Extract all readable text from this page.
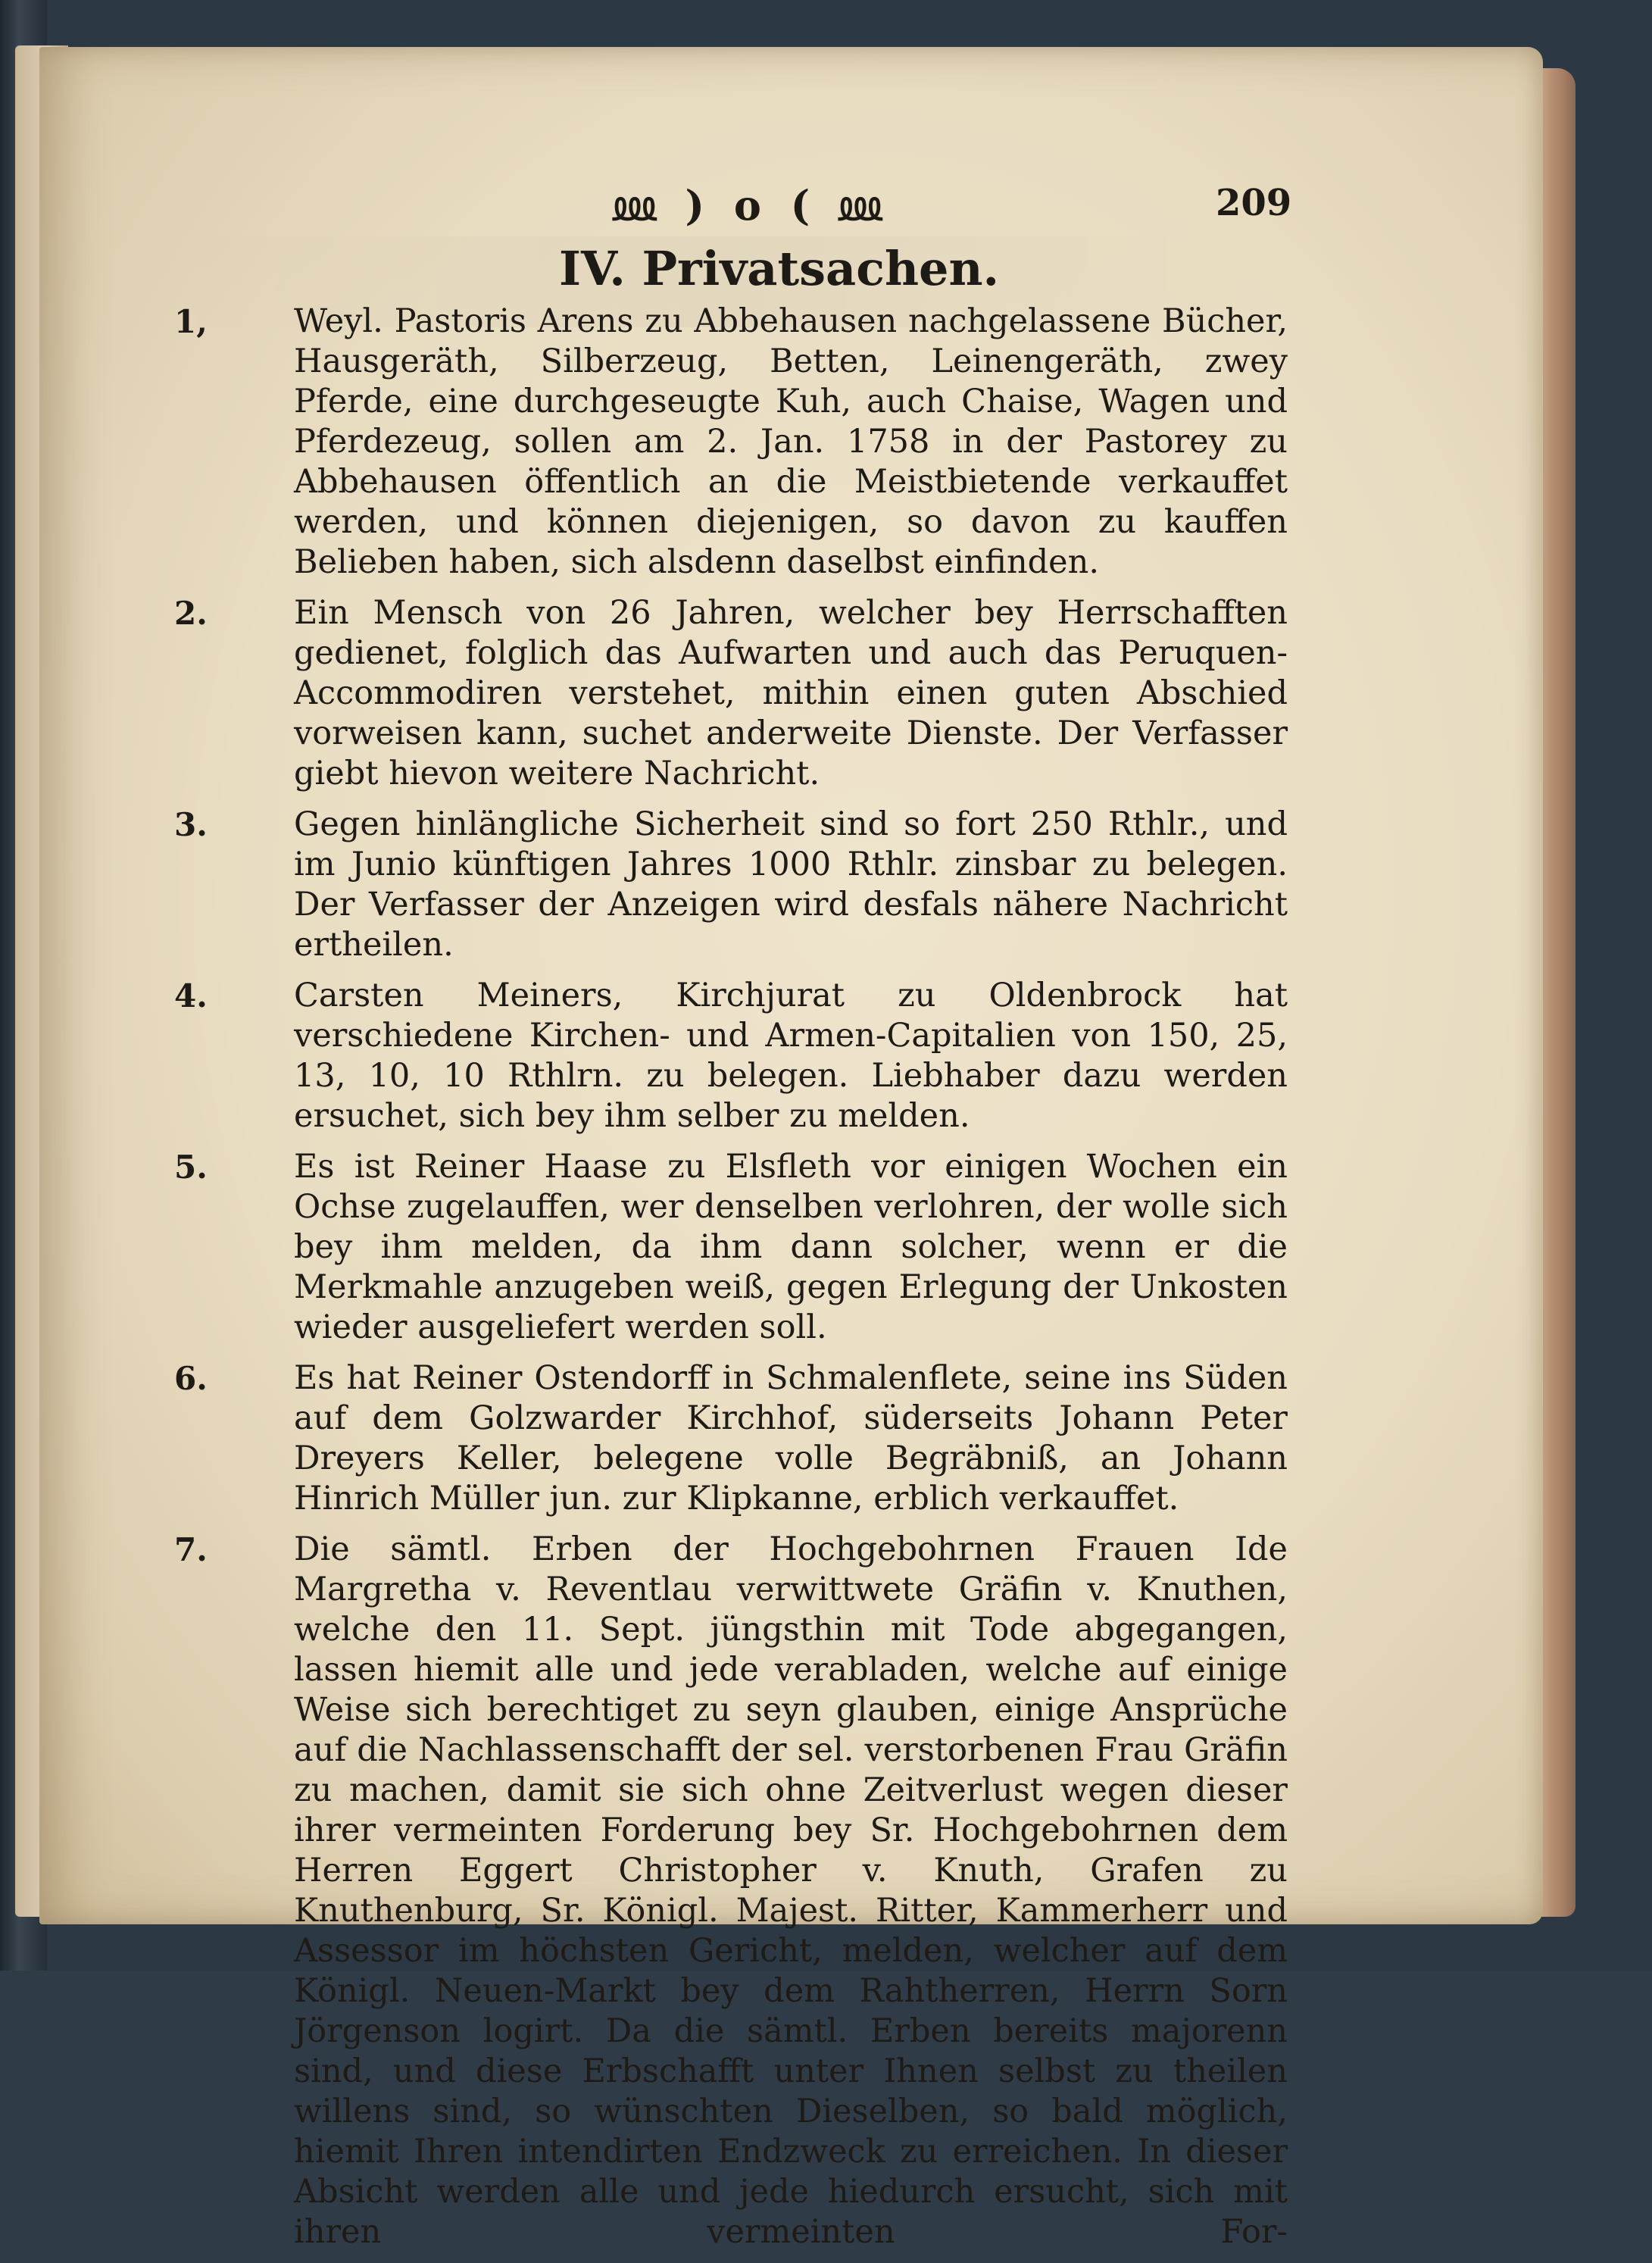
⅏ ) o ( ⅏	209
IV. Privatsachen.
1,	Weyl. Pastoris Arens zu Abbehausen nachgelassene Bücher, Hausgeräth, Silberzeug, Betten, Leinengeräth, zwey Pferde, eine durchgeseugte Kuh, auch Chaise, Wagen und Pferdezeug, sollen am 2. Jan. 1758 in der Pastorey zu Abbehausen öffentlich an die Meistbietende verkauffet werden, und können diejenigen, so davon zu kauffen Belieben haben, sich alsdenn daselbst einfinden.
2.	Ein Mensch von 26 Jahren, welcher bey Herrschafften gedienet, folglich das Aufwarten und auch das Peruquen-Accommodiren verstehet, mithin einen guten Abschied vorweisen kann, suchet anderweite Dienste. Der Verfasser giebt hievon weitere Nachricht.
3.	Gegen hinlängliche Sicherheit sind so fort 250 Rthlr., und im Junio künftigen Jahres 1000 Rthlr. zinsbar zu belegen. Der Verfasser der Anzeigen wird desfals nähere Nachricht ertheilen.
4.	Carsten Meiners, Kirchjurat zu Oldenbrock hat verschiedene Kirchen- und Armen-Capitalien von 150, 25, 13, 10, 10 Rthlrn. zu belegen. Liebhaber dazu werden ersuchet, sich bey ihm selber zu melden.
5.	Es ist Reiner Haase zu Elsfleth vor einigen Wochen ein Ochse zugelauffen, wer denselben verlohren, der wolle sich bey ihm melden, da ihm dann solcher, wenn er die Merkmahle anzugeben weiß, gegen Erlegung der Unkosten wieder ausgeliefert werden soll.
6.	Es hat Reiner Ostendorff in Schmalenflete, seine ins Süden auf dem Golzwarder Kirchhof, süderseits Johann Peter Dreyers Keller, belegene volle Begräbniß, an Johann Hinrich Müller jun. zur Klipkanne, erblich verkauffet.
7.	Die sämtl. Erben der Hochgebohrnen Frauen Ide Margretha v. Reventlau verwittwete Gräfin v. Knuthen, welche den 11. Sept. jüngsthin mit Tode abgegangen, lassen hiemit alle und jede verabladen, welche auf einige Weise sich berechtiget zu seyn glauben, einige Ansprüche auf die Nachlassenschafft der sel. verstorbenen Frau Gräfin zu machen, damit sie sich ohne Zeitverlust wegen dieser ihrer vermeinten Forderung bey Sr. Hochgebohrnen dem Herren Eggert Christopher v. Knuth, Grafen zu Knuthenburg, Sr. Königl. Majest. Ritter, Kammerherr und Assessor im höchsten Gericht, melden, welcher auf dem Königl. Neuen-Markt bey dem Rahtherren, Herrn Sorn Jörgenson logirt. Da die sämtl. Erben bereits majorenn sind, und diese Erbschafft unter Ihnen selbst zu theilen willens sind, so wünschten Dieselben, so bald möglich, hiemit Ihren intendirten Endzweck zu erreichen. In dieser Absicht werden alle und jede hiedurch ersucht, sich mit ihren vermeinten For-
